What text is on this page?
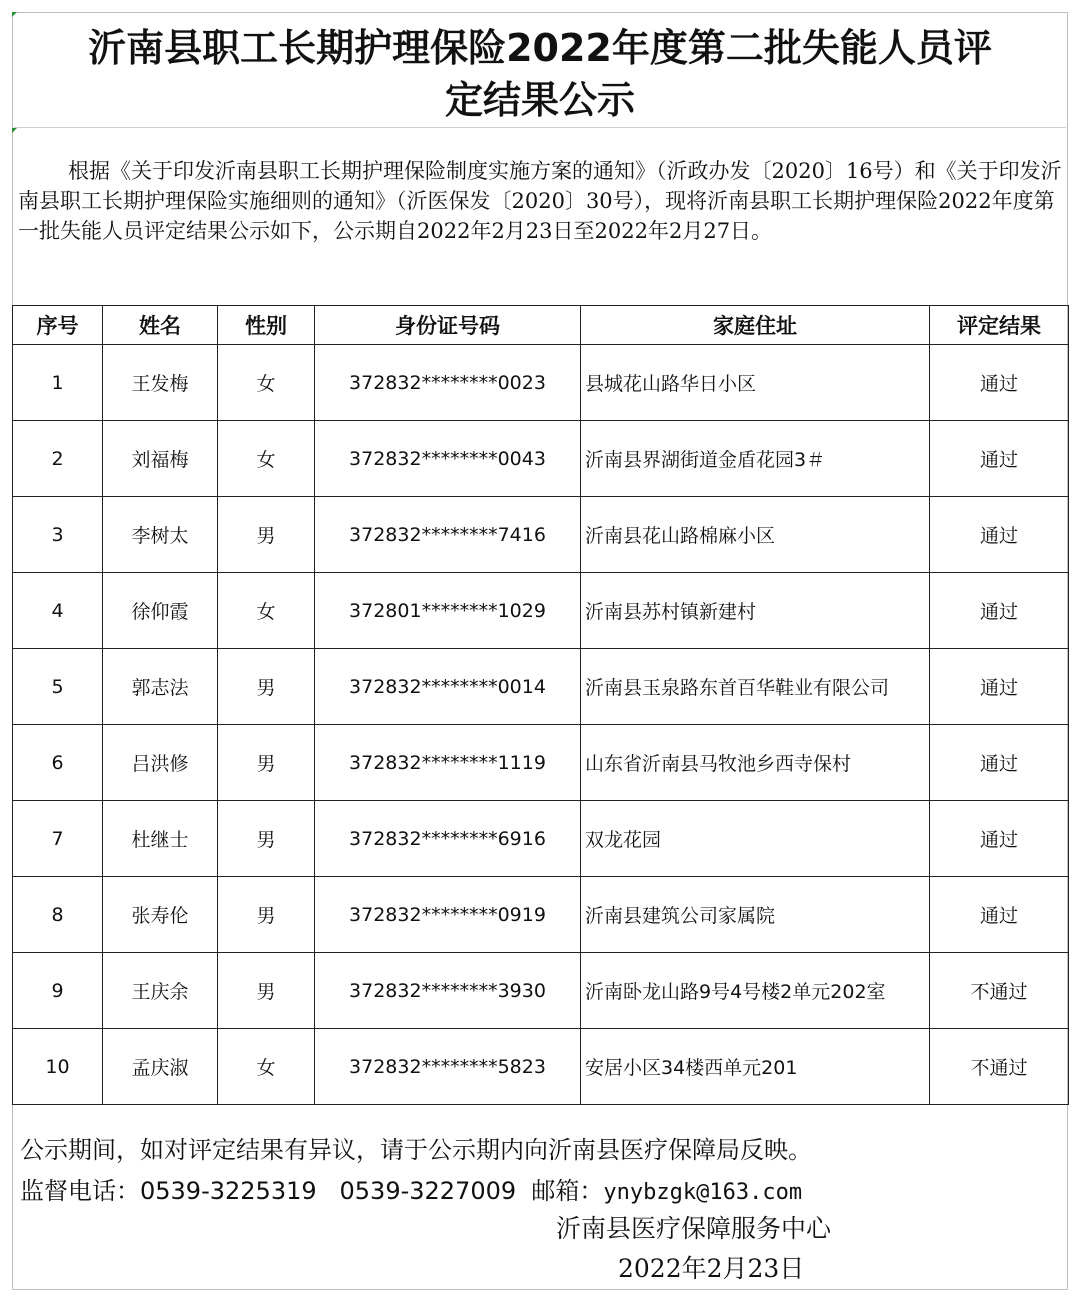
沂南县职工长期护理保险2022年度第二批失能人员评
定结果公示
根据《关于印发沂南县职工长期护理保险制度实施方案的通知》（沂政办发〔2020〕16号）和《关于印发沂南县职工长期护理保险实施细则的通知》（沂医保发〔2020〕30号），现将沂南县职工长期护理保险2022年度第一批失能人员评定结果公示如下，公示期自2022年2月23日至2022年2月27日。
序号	姓名	性别	身份证号码	家庭住址	评定结果
1	王发梅	女	372832********0023	县城花山路华日小区	通过
2	刘福梅	女	372832********0043	沂南县界湖街道金盾花园3＃	通过
3	李树太	男	372832********7416	沂南县花山路棉麻小区	通过
4	徐仰霞	女	372801********1029	沂南县苏村镇新建村	通过
5	郭志法	男	372832********0014	沂南县玉泉路东首百华鞋业有限公司	通过
6	吕洪修	男	372832********1119	山东省沂南县马牧池乡西寺保村	通过
7	杜继士	男	372832********6916	双龙花园	通过
8	张寿伦	男	372832********0919	沂南县建筑公司家属院	通过
9	王庆余	男	372832********3930	沂南卧龙山路9号4号楼2单元202室	不通过
10	孟庆淑	女	372832********5823	安居小区34楼西单元201	不通过
公示期间，如对评定结果有异议，请于公示期内向沂南县医疗保障局反映。
监督电话：0539-3225319 0539-3227009 邮箱：ynybzgk@163.com
沂南县医疗保障服务中心
2022年2月23日
